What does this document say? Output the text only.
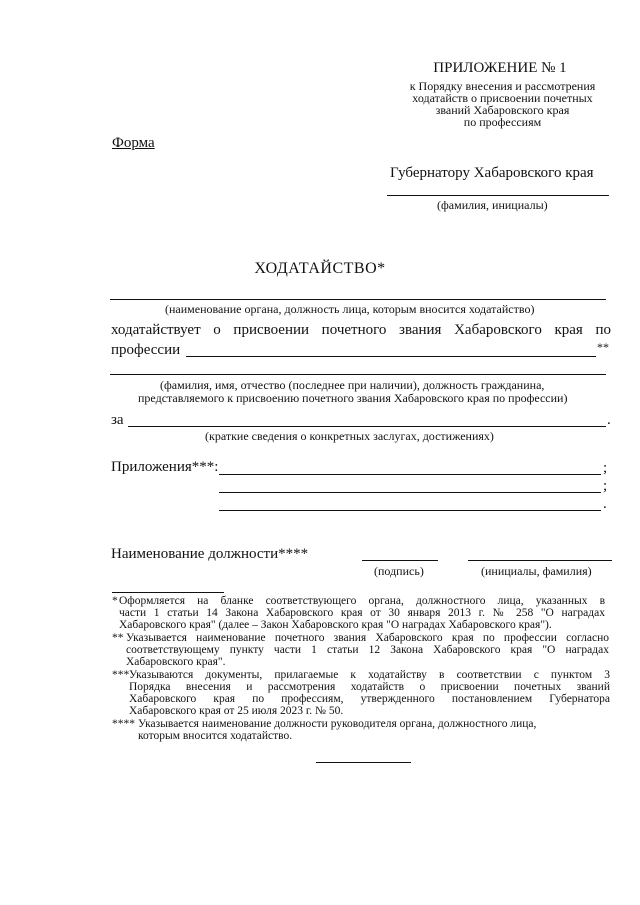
ПРИЛОЖЕНИЕ № 1
к Порядку внесения и рассмотрения
ходатайств о присвоении почетных
званий Хабаровского края
по профессиям
Форма
Губернатору Хабаровского края
(фамилия, инициалы)
ХОДАТАЙСТВО*
(наименование органа, должность лица, которым вносится ходатайство)
ходатайствует о присвоении почетного звания Хабаровского края по
профессии	**
(фамилия, имя, отчество (последнее при наличии), должность гражданина,
представляемого к присвоению почетного звания Хабаровского края по профессии)
за	.
(краткие сведения о конкретных заслугах, достижениях)
Приложения***:	;
;
.
Наименование должности****
(подпись)	(инициалы, фамилия)
* Оформляется на бланке соответствующего органа, должностного лица, указанных в
части 1 статьи 14 Закона Хабаровского края от 30 января 2013 г. № 258 "О наградах
Хабаровского края" (далее – Закон Хабаровского края "О наградах Хабаровского края").
** Указывается наименование почетного звания Хабаровского края по профессии согласно
соответствующему пункту части 1 статьи 12 Закона Хабаровского края "О наградах
Хабаровского края".
*** Указываются документы, прилагаемые к ходатайству в соответствии с пунктом 3
Порядка внесения и рассмотрения ходатайств о присвоении почетных званий
Хабаровского края по профессиям, утвержденного постановлением Губернатора
Хабаровского края от 25 июля 2023 г. № 50.
**** Указывается наименование должности руководителя органа, должностного лица,
которым вносится ходатайство.
